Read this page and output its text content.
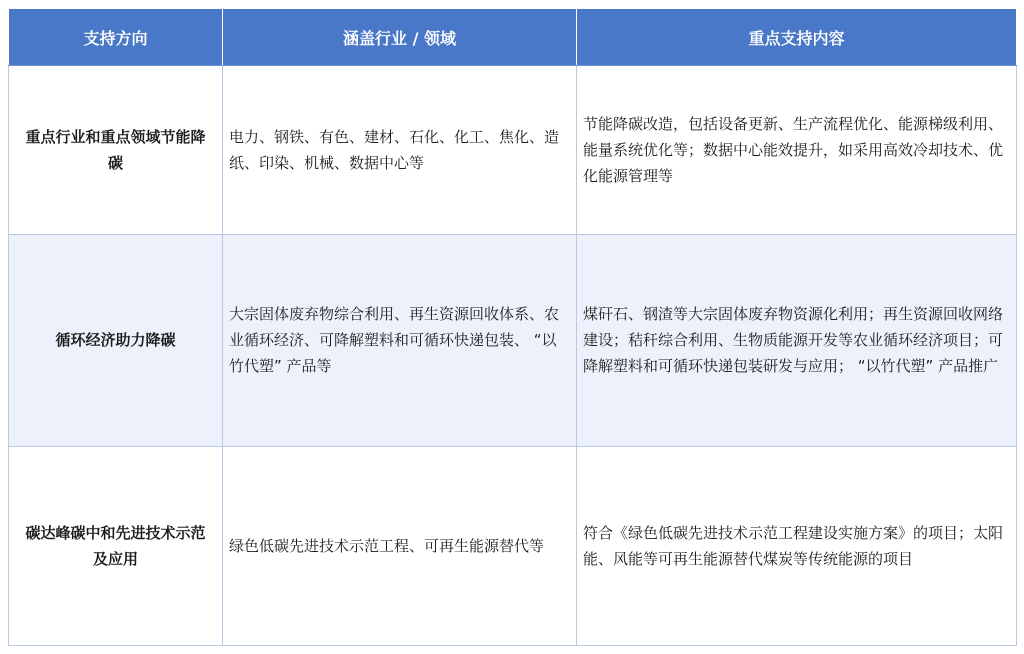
支持方向	涵盖行业 / 领域	重点支持内容
重点行业和重点领域节能降碳	电力、钢铁、有色、建材、石化、化工、焦化、造纸、印染、机械、数据中心等	节能降碳改造，包括设备更新、生产流程优化、能源梯级利用、能量系统优化等；数据中心能效提升，如采用高效冷却技术、优化能源管理等
循环经济助力降碳	大宗固体废弃物综合利用、再生资源回收体系、农业循环经济、可降解塑料和可循环快递包装、 “以竹代塑” 产品等	煤矸石、钢渣等大宗固体废弃物资源化利用；再生资源回收网络建设；秸秆综合利用、生物质能源开发等农业循环经济项目；可降解塑料和可循环快递包装研发与应用； “以竹代塑” 产品推广
碳达峰碳中和先进技术示范及应用	绿色低碳先进技术示范工程、可再生能源替代等	符合《绿色低碳先进技术示范工程建设实施方案》的项目；太阳能、风能等可再生能源替代煤炭等传统能源的项目
